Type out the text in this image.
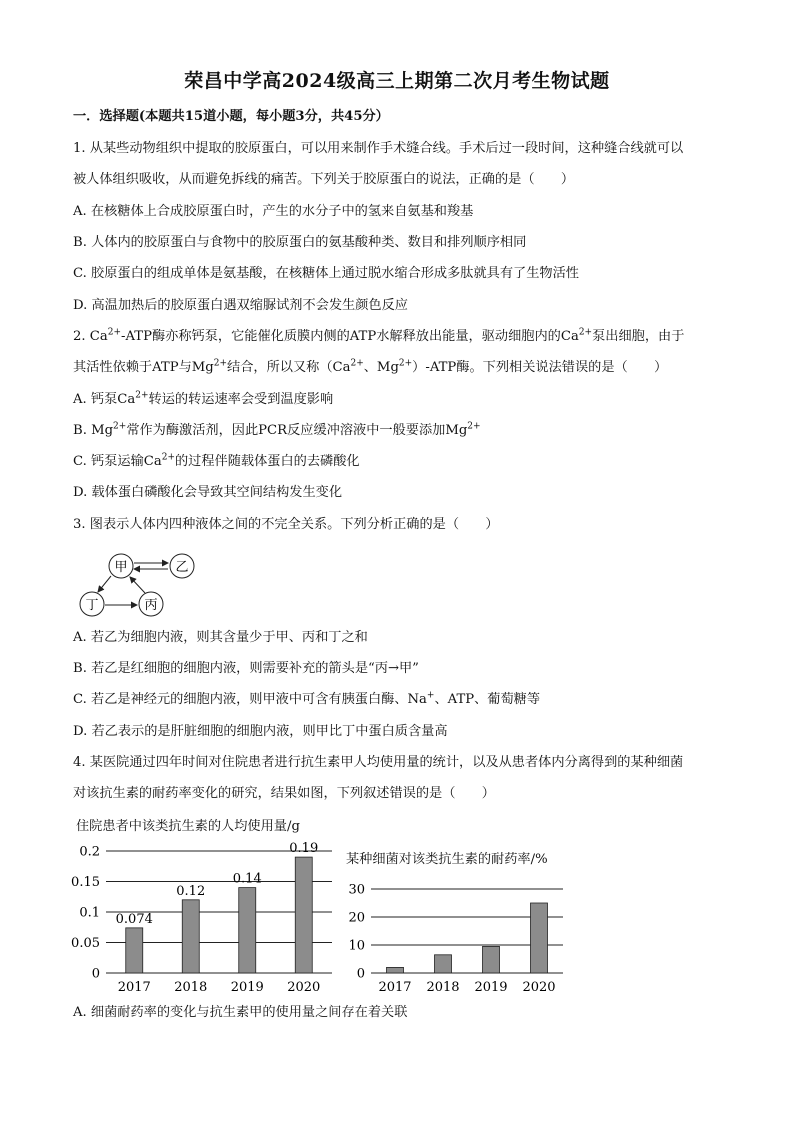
荣昌中学高2024级高三上期第二次月考生物试题
一．选择题(本题共15道小题，每小题3分，共45分）
1. 从某些动物组织中提取的胶原蛋白，可以用来制作手术缝合线。手术后过一段时间，这种缝合线就可以
被人体组织吸收，从而避免拆线的痛苦。下列关于胶原蛋白的说法，正确的是（　　）
A. 在核糖体上合成胶原蛋白时，产生的水分子中的氢来自氨基和羧基
B. 人体内的胶原蛋白与食物中的胶原蛋白的氨基酸种类、数目和排列顺序相同
C. 胶原蛋白的组成单体是氨基酸，在核糖体上通过脱水缩合形成多肽就具有了生物活性
D. 高温加热后的胶原蛋白遇双缩脲试剂不会发生颜色反应
2. $Ca^{2+}$-ATP酶亦称钙泵，它能催化质膜内侧的ATP水解释放出能量，驱动细胞内的$Ca^{2+}$泵出细胞，由于
其活性依赖于ATP与$Mg^{2+}$结合，所以又称（$Ca^{2+}$、$Mg^{2+}$）-ATP酶。下列相关说法错误的是（　　）
A. 钙泵$Ca^{2+}$转运的转运速率会受到温度影响
B. $Mg^{2+}$常作为酶激活剂，因此PCR反应缓冲溶液中一般要添加$Mg^{2+}$
C. 钙泵运输$Ca^{2+}$的过程伴随载体蛋白的去磷酸化
D. 载体蛋白磷酸化会导致其空间结构发生变化
3. 图表示人体内四种液体之间的不完全关系。下列分析正确的是（　　）
甲	乙
丁	丙
A. 若乙为细胞内液，则其含量少于甲、丙和丁之和
B. 若乙是红细胞的细胞内液，则需要补充的箭头是“丙→甲”
C. 若乙是神经元的细胞内液，则甲液中可含有胰蛋白酶、Na+、ATP、葡萄糖等
D. 若乙表示的是肝脏细胞的细胞内液，则甲比丁中蛋白质含量高
4. 某医院通过四年时间对住院患者进行抗生素甲人均使用量的统计，以及从患者体内分离得到的某种细菌
对该抗生素的耐药率变化的研究，结果如图，下列叙述错误的是（　　）
住院患者中该类抗生素的人均使用量/g
0
0.05
0.1
0.15
0.2
0.074
2017
0.12
2018
0.14
2019
0.19
2020
某种细菌对该类抗生素的耐药率/%
0
10
20
30
2017 2018 2019 2020
A. 细菌耐药率的变化与抗生素甲的使用量之间存在着关联
